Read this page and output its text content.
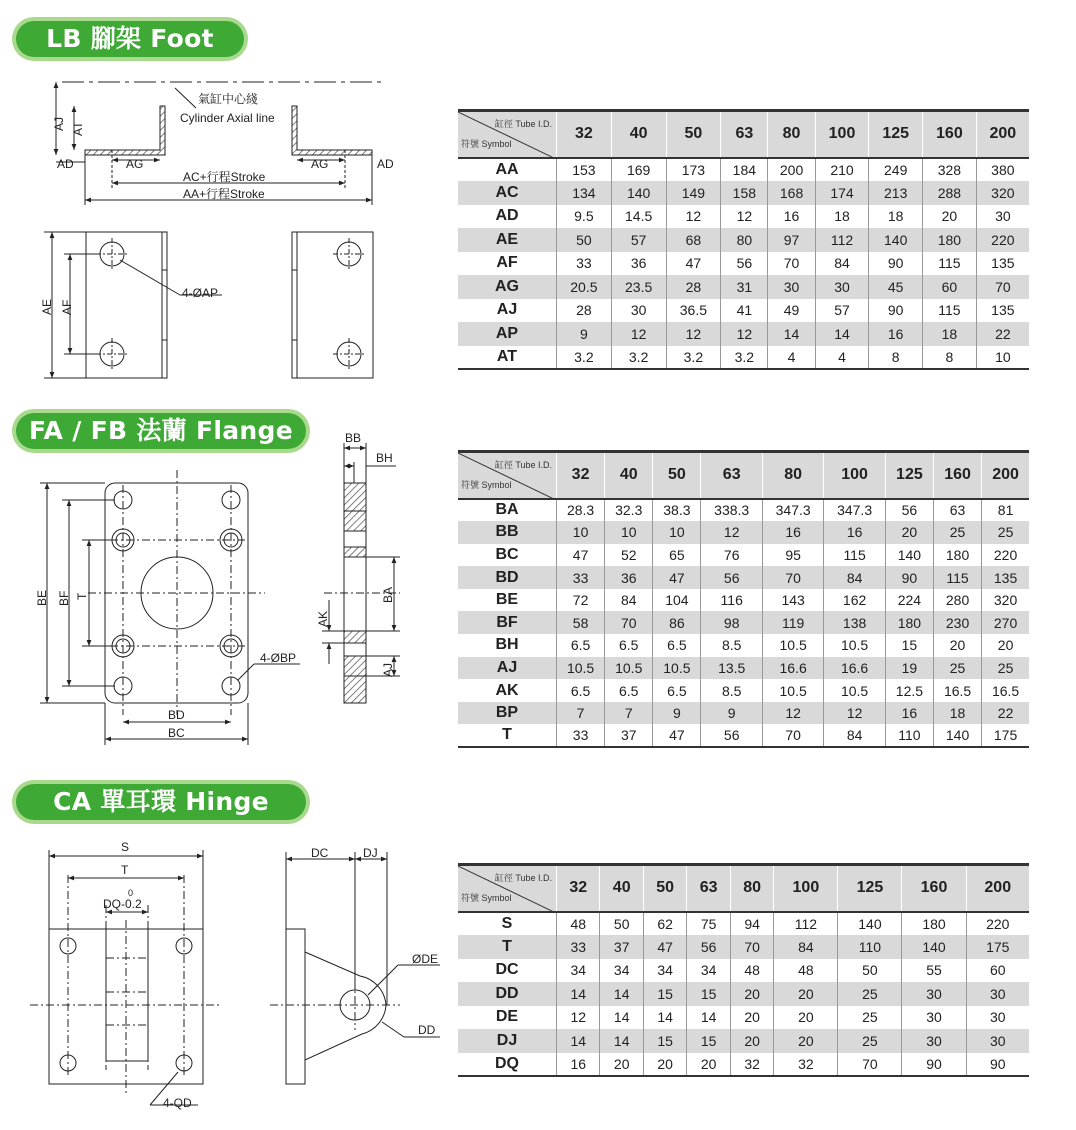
LB 腳架 Foot
FA / FB 法蘭 Flange
CA 單耳環 Hinge
氣缸中心綫
Cylinder Axial line
AJ AT
AD	AD
AG	AG
AC+行程Stroke
AA+行程Stroke
AE AF
4-ØAP
BE BF T
BD
BC
4-ØBP
BB
BH
BA
AK
AJ
S
T
0
DQ-0.2
4-QD
DC	DJ
ØDE
DD
缸徑 Tube I.D.
符號 Symbol	32	40	50	63	80	100	125	160	200
AA	153	169	173	184	200	210	249	328	380
AC	134	140	149	158	168	174	213	288	320
AD	9.5	14.5	12	12	16	18	18	20	30
AE	50	57	68	80	97	112	140	180	220
AF	33	36	47	56	70	84	90	115	135
AG	20.5	23.5	28	31	30	30	45	60	70
AJ	28	30	36.5	41	49	57	90	115	135
AP	9	12	12	12	14	14	16	18	22
AT	3.2	3.2	3.2	3.2	4	4	8	8	10
缸徑 Tube I.D.
符號 Symbol	32	40	50	63	80	100	125	160	200
BA	28.3	32.3	38.3	338.3	347.3	347.3	56	63	81
BB	10	10	10	12	16	16	20	25	25
BC	47	52	65	76	95	115	140	180	220
BD	33	36	47	56	70	84	90	115	135
BE	72	84	104	116	143	162	224	280	320
BF	58	70	86	98	119	138	180	230	270
BH	6.5	6.5	6.5	8.5	10.5	10.5	15	20	20
AJ	10.5	10.5	10.5	13.5	16.6	16.6	19	25	25
AK	6.5	6.5	6.5	8.5	10.5	10.5	12.5	16.5	16.5
BP	7	7	9	9	12	12	16	18	22
T	33	37	47	56	70	84	110	140	175
缸徑 Tube I.D.
符號 Symbol	32	40	50	63	80	100	125	160	200
S	48	50	62	75	94	112	140	180	220
T	33	37	47	56	70	84	110	140	175
DC	34	34	34	34	48	48	50	55	60
DD	14	14	15	15	20	20	25	30	30
DE	12	14	14	14	20	20	25	30	30
DJ	14	14	15	15	20	20	25	30	30
DQ	16	20	20	20	32	32	70	90	90
